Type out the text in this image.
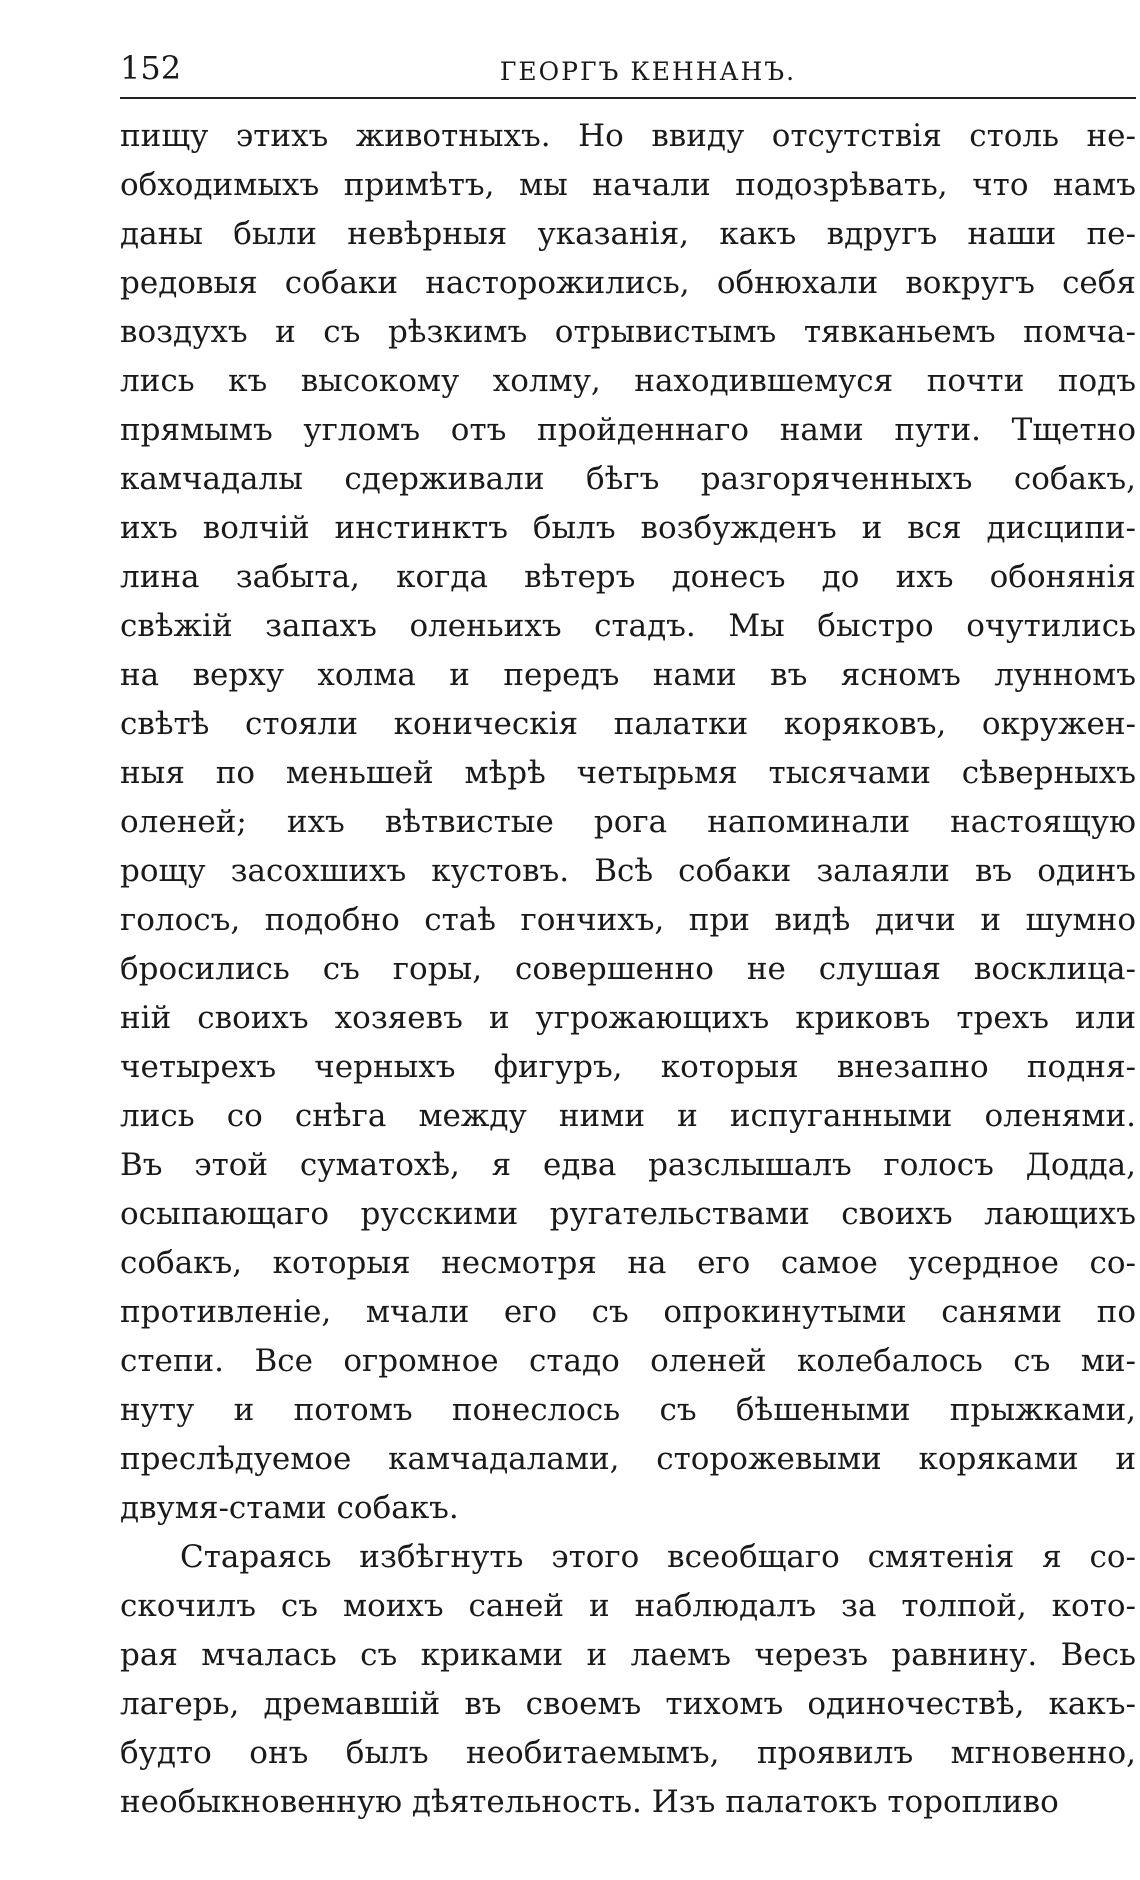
152	ГЕОРГЪ КЕННАНЪ.
пищу этихъ животныхъ. Но ввиду отсутствія столь не-
обходимыхъ примѣтъ, мы начали подозрѣвать, что намъ
даны были невѣрныя указанія, какъ вдругъ наши пе-
редовыя собаки насторожились, обнюхали вокругъ себя
воздухъ и съ рѣзкимъ отрывистымъ тявканьемъ помча-
лись къ высокому холму, находившемуся почти подъ
прямымъ угломъ отъ пройденнаго нами пути. Тщетно
камчадалы сдерживали бѣгъ разгоряченныхъ собакъ,
ихъ волчій инстинктъ былъ возбужденъ и вся дисципи-
лина забыта, когда вѣтеръ донесъ до ихъ обонянія
свѣжій запахъ оленьихъ стадъ. Мы быстро очутились
на верху холма и передъ нами въ ясномъ лунномъ
свѣтѣ стояли коническія палатки коряковъ, окружен-
ныя по меньшей мѣрѣ четырьмя тысячами сѣверныхъ
оленей; ихъ вѣтвистые рога напоминали настоящую
рощу засохшихъ кустовъ. Всѣ собаки залаяли въ одинъ
голосъ, подобно стаѣ гончихъ, при видѣ дичи и шумно
бросились съ горы, совершенно не слушая восклица-
ній своихъ хозяевъ и угрожающихъ криковъ трехъ или
четырехъ черныхъ фигуръ, которыя внезапно подня-
лись со снѣга между ними и испуганными оленями.
Въ этой суматохѣ, я едва разслышалъ голосъ Додда,
осыпающаго русскими ругательствами своихъ лающихъ
собакъ, которыя несмотря на его самое усердное со-
противленіе, мчали его съ опрокинутыми санями по
степи. Все огромное стадо оленей колебалось съ ми-
нуту и потомъ понеслось съ бѣшеными прыжками,
преслѣдуемое камчадалами, сторожевыми коряками и
двумя-стами собакъ.
Стараясь избѣгнуть этого всеобщаго смятенія я со-
скочилъ съ моихъ саней и наблюдалъ за толпой, кото-
рая мчалась съ криками и лаемъ черезъ равнину. Весь
лагерь, дремавшій въ своемъ тихомъ одиночествѣ, какъ-
будто онъ былъ необитаемымъ, проявилъ мгновенно,
необыкновенную дѣятельность. Изъ палатокъ торопливо
